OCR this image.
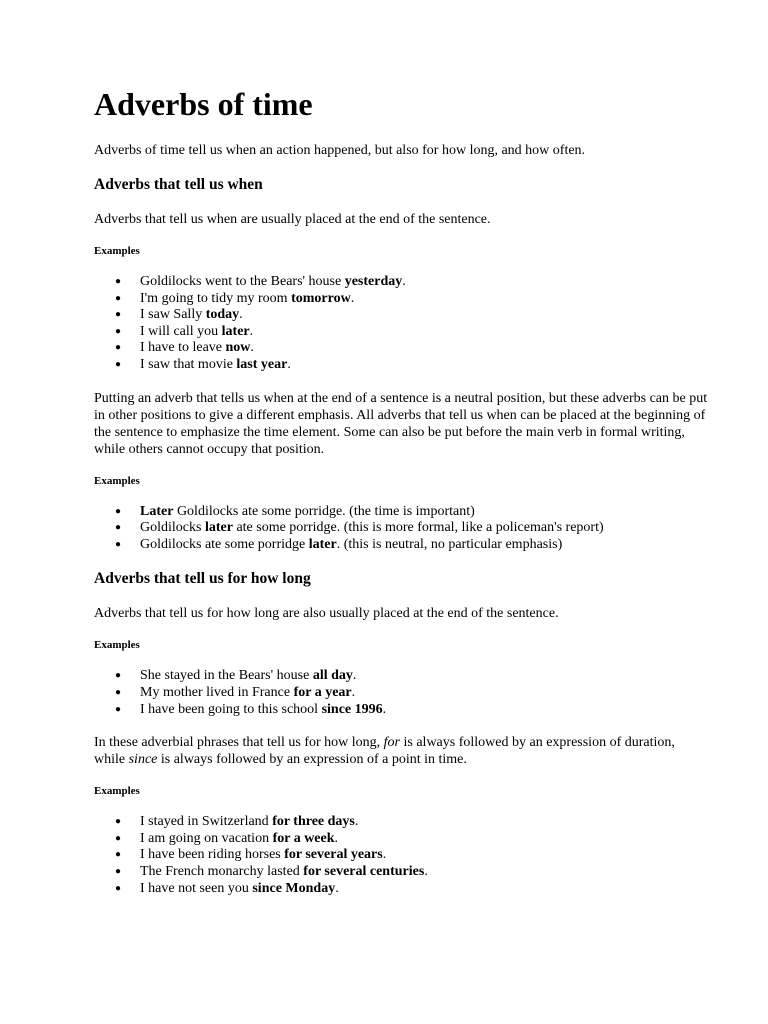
Adverbs of time

Adverbs of time tell us when an action happened, but also for how long, and how often.

Adverbs that tell us when

Adverbs that tell us when are usually placed at the end of the sentence.

Examples
● Goldilocks went to the Bears' house yesterday.
● I'm going to tidy my room tomorrow.
● I saw Sally today.
● I will call you later.
● I have to leave now.
● I saw that movie last year.

Putting an adverb that tells us when at the end of a sentence is a neutral position, but these adverbs can be put in other positions to give a different emphasis. All adverbs that tell us when can be placed at the beginning of the sentence to emphasize the time element. Some can also be put before the main verb in formal writing, while others cannot occupy that position.

Examples
● Later Goldilocks ate some porridge. (the time is important)
● Goldilocks later ate some porridge. (this is more formal, like a policeman's report)
● Goldilocks ate some porridge later. (this is neutral, no particular emphasis)
Adverbs that tell us for how long

Adverbs that tell us for how long are also usually placed at the end of the sentence.

Examples
● She stayed in the Bears' house all day.
● My mother lived in France for a year.
● I have been going to this school since 1996.

In these adverbial phrases that tell us for how long, for is always followed by an expression of duration, while since is always followed by an expression of a point in time.

Examples
● I stayed in Switzerland for three days.
● I am going on vacation for a week.
● I have been riding horses for several years.
● The French monarchy lasted for several centuries.
● I have not seen you since Monday.
